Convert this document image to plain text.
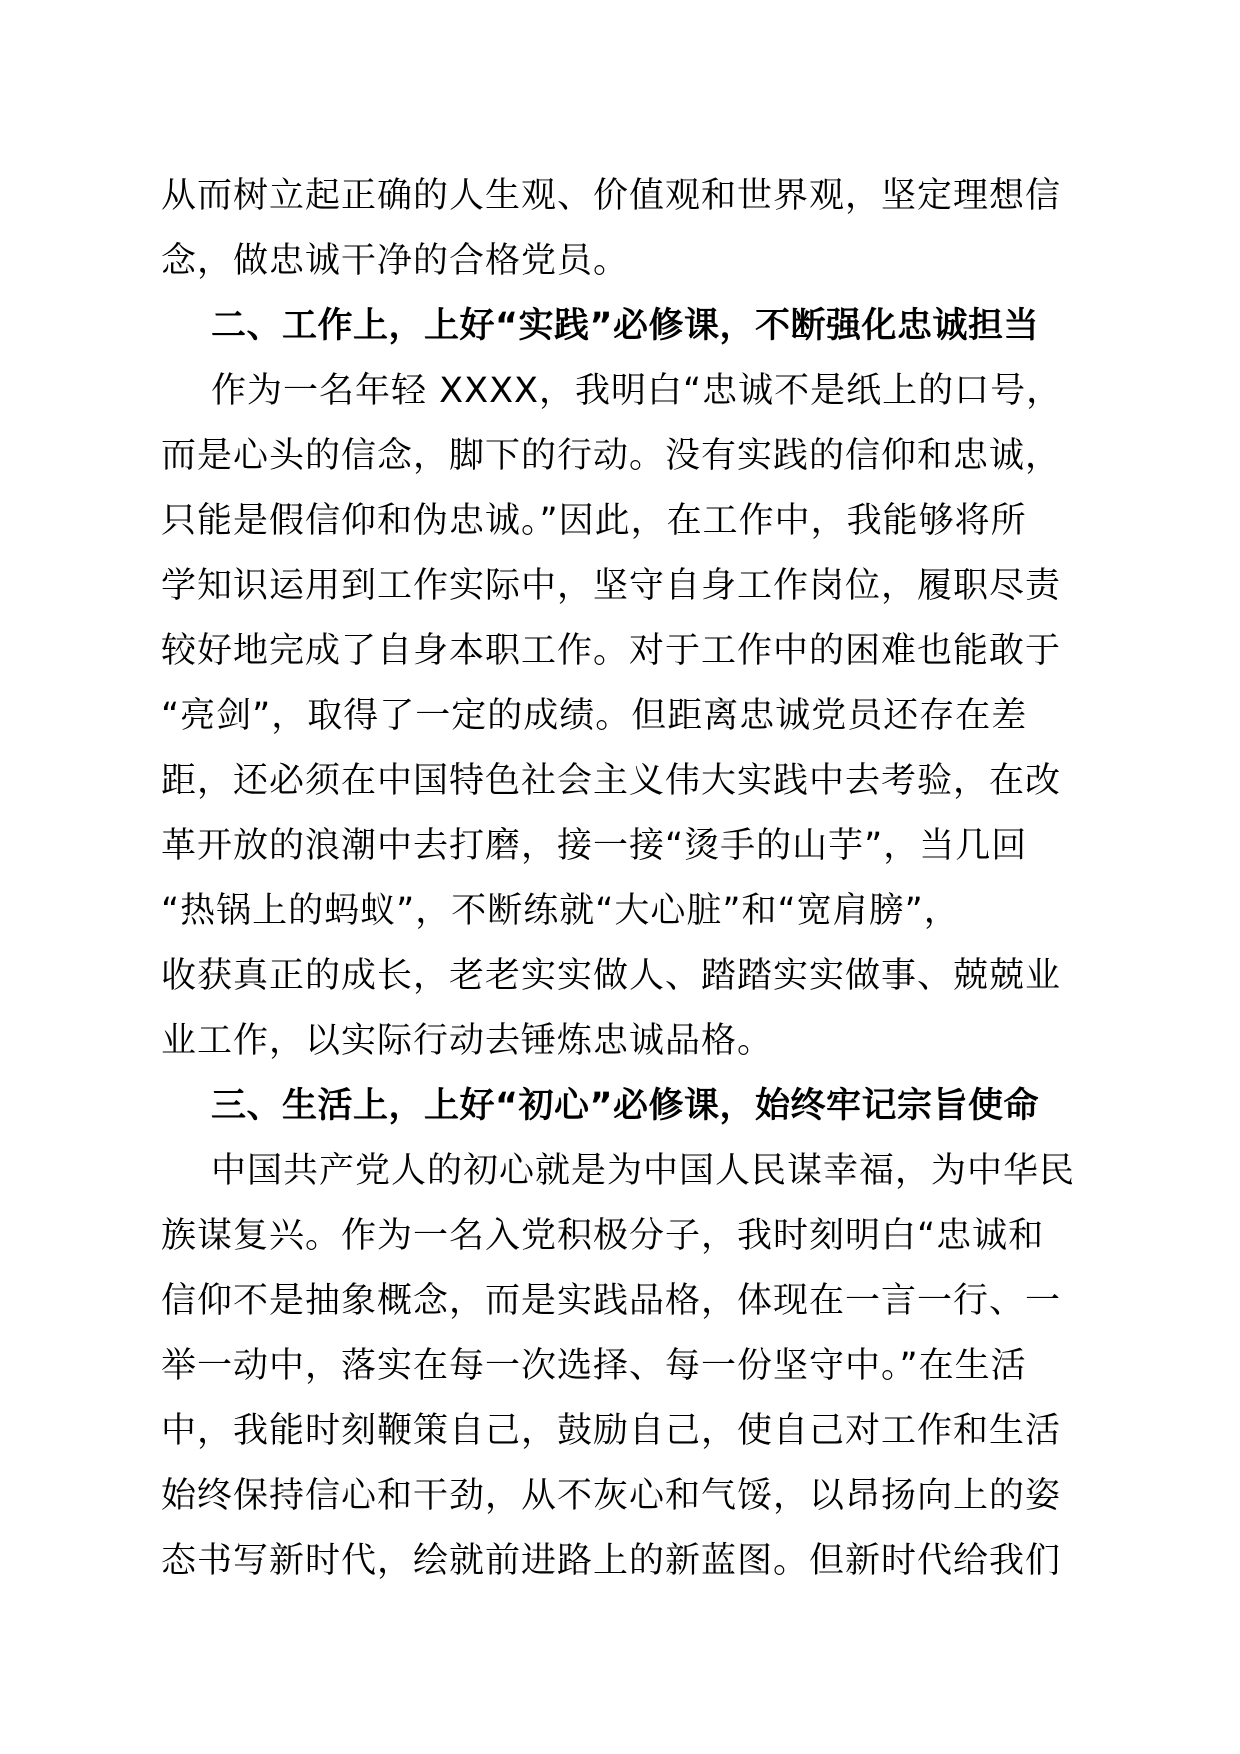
从而树立起正确的人生观、价值观和世界观，坚定理想信
念，做忠诚干净的合格党员。
二、工作上，上好“实践”必修课，不断强化忠诚担当
作为一名年轻 XXXX，我明白“忠诚不是纸上的口号，
而是心头的信念，脚下的行动。没有实践的信仰和忠诚，
只能是假信仰和伪忠诚。”因此，在工作中，我能够将所
学知识运用到工作实际中，坚守自身工作岗位，履职尽责
较好地完成了自身本职工作。对于工作中的困难也能敢于
“亮剑”，取得了一定的成绩。但距离忠诚党员还存在差
距，还必须在中国特色社会主义伟大实践中去考验，在改
革开放的浪潮中去打磨，接一接“烫手的山芋”，当几回
“热锅上的蚂蚁”，不断练就“大心脏”和“宽肩膀”，
收获真正的成长，老老实实做人、踏踏实实做事、兢兢业
业工作，以实际行动去锤炼忠诚品格。
三、生活上，上好“初心”必修课，始终牢记宗旨使命
中国共产党人的初心就是为中国人民谋幸福，为中华民
族谋复兴。作为一名入党积极分子，我时刻明白“忠诚和
信仰不是抽象概念，而是实践品格，体现在一言一行、一
举一动中，落实在每一次选择、每一份坚守中。”在生活
中，我能时刻鞭策自己，鼓励自己，使自己对工作和生活
始终保持信心和干劲，从不灰心和气馁，以昂扬向上的姿
态书写新时代，绘就前进路上的新蓝图。但新时代给我们
